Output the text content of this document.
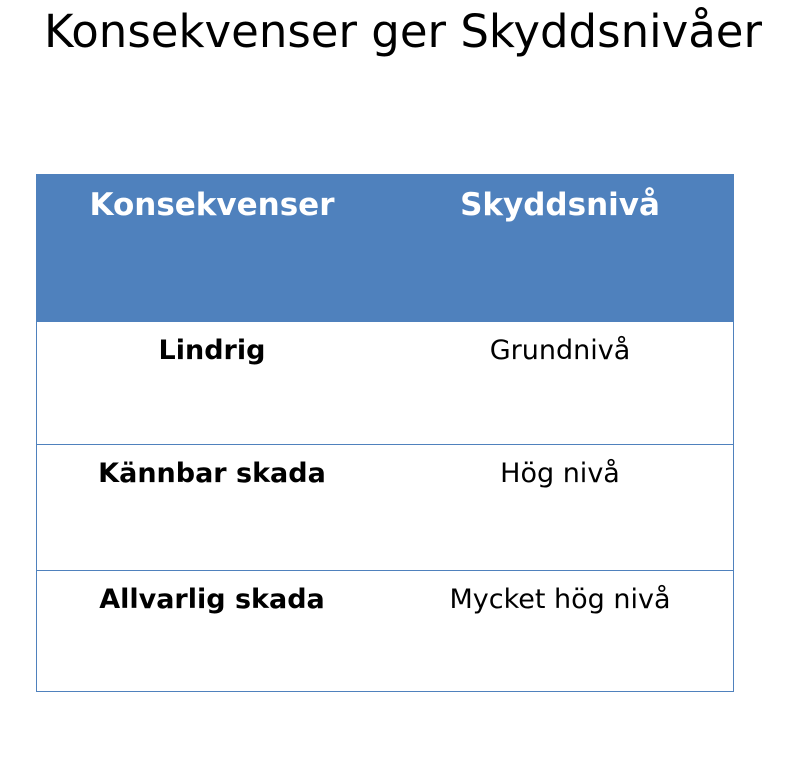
Konsekvenser ger Skyddsnivåer
Konsekvenser	Skyddsnivå
Lindrig	Grundnivå
Kännbar skada	Hög nivå
Allvarlig skada	Mycket hög nivå
